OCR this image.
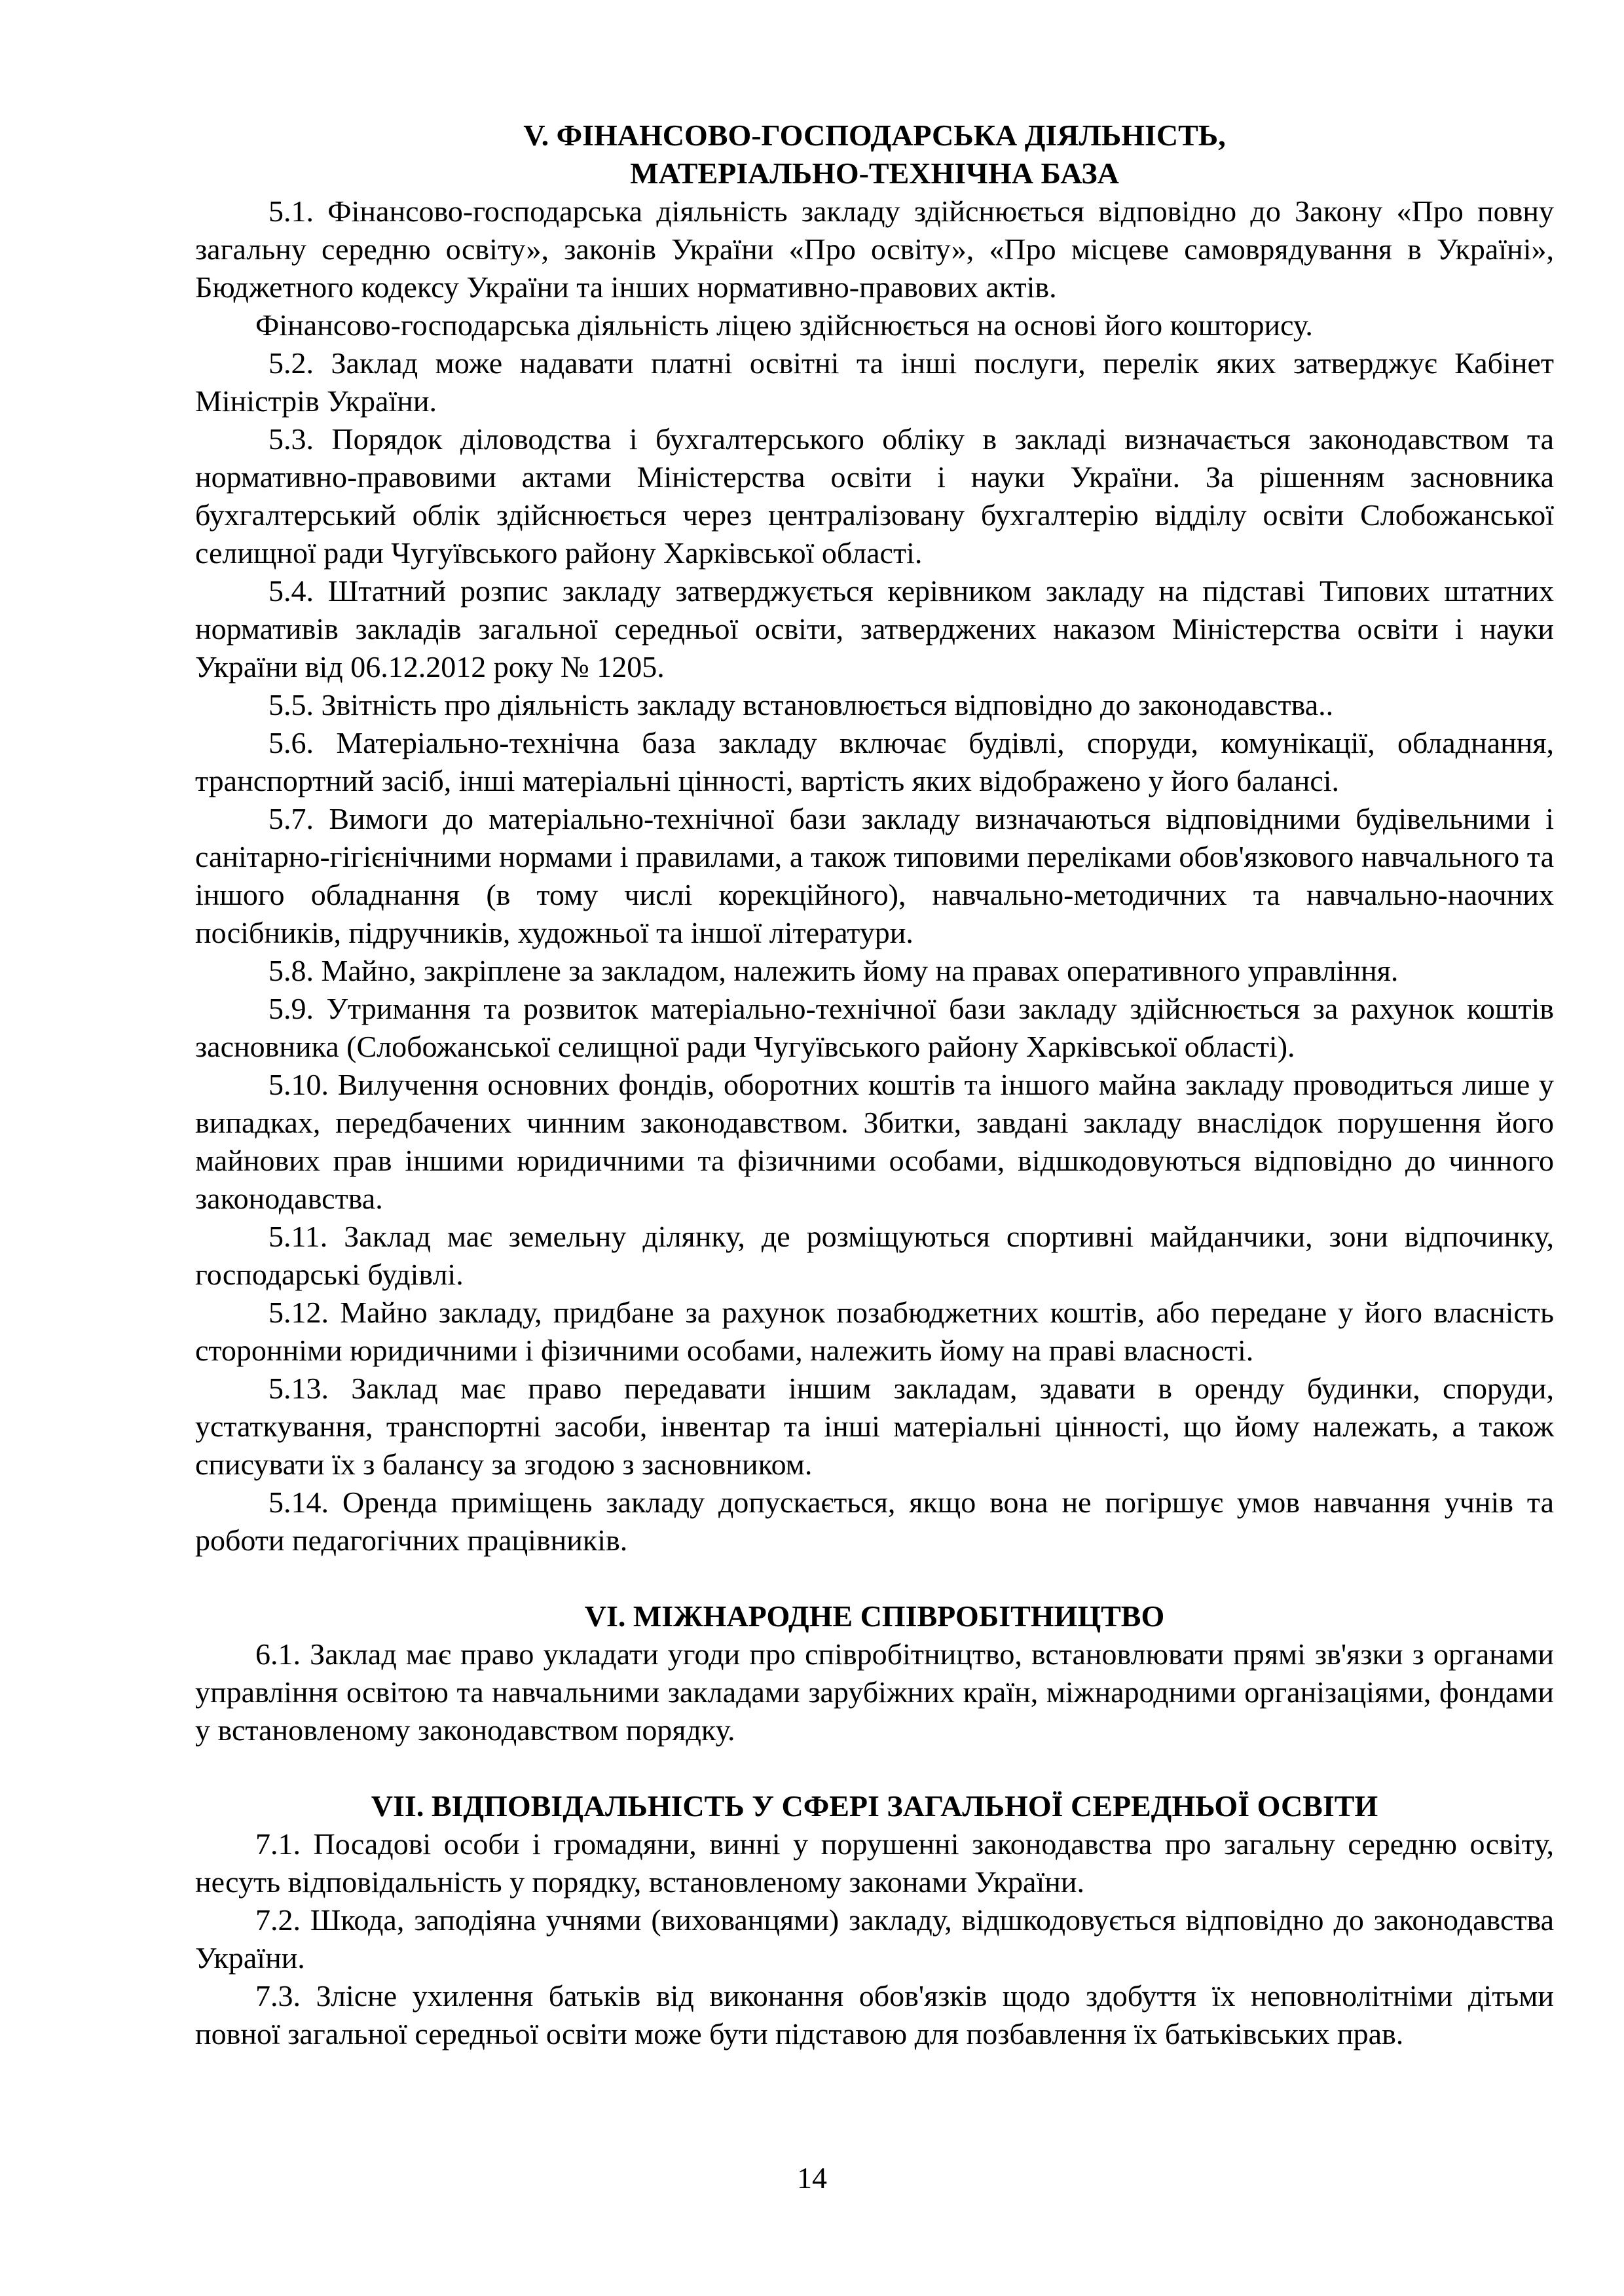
V. ФІНАНСОВО-ГОСПОДАРСЬКА ДІЯЛЬНІСТЬ,

МАТЕРІАЛЬНО-ТЕХНІЧНА БАЗА

5.1. Фінансово-господарська діяльність закладу здійснюється відповідно до Закону «Про повну загальну середню освіту», законів України «Про освіту», «Про місцеве самоврядування в Україні», Бюджетного кодексу України та інших нормативно-правових актів.

Фінансово-господарська діяльність ліцею здійснюється на основі його кошторису.

5.2. Заклад може надавати платні освітні та інші послуги, перелік яких затверджує Кабінет Міністрів України.

5.3. Порядок діловодства і бухгалтерського обліку в закладі визначається законодавством та нормативно-правовими актами Міністерства освіти і науки України. За рішенням засновника бухгалтерський облік здійснюється через централізовану бухгалтерію відділу освіти Слобожанської селищної ради Чугуївського району Харківської області.

5.4. Штатний розпис закладу затверджується керівником закладу на підставі Типових штатних нормативів закладів загальної середньої освіти, затверджених наказом Міністерства освіти і науки України від 06.12.2012 року № 1205.

5.5. Звітність про діяльність закладу встановлюється відповідно до законодавства..

5.6. Матеріально-технічна база закладу включає будівлі, споруди, комунікації, обладнання, транспортний засіб, інші матеріальні цінності, вартість яких відображено у його балансі.

5.7. Вимоги до матеріально-технічної бази закладу визначаються відповідними будівельними і санітарно-гігієнічними нормами і правилами, а також типовими переліками обов'язкового навчального та іншого обладнання (в тому числі корекційного), навчально-методичних та навчально-наочних посібників, підручників, художньої та іншої літератури.

5.8. Майно, закріплене за закладом, належить йому на правах оперативного управління.

5.9. Утримання та розвиток матеріально-технічної бази закладу здійснюється за рахунок коштів засновника (Слобожанської селищної ради Чугуївського району Харківської області).

5.10. Вилучення основних фондів, оборотних коштів та іншого майна закладу проводиться лише у випадках, передбачених чинним законодавством. Збитки, завдані закладу внаслідок порушення його майнових прав іншими юридичними та фізичними особами, відшкодовуються відповідно до чинного законодавства.

5.11. Заклад має земельну ділянку, де розміщуються спортивні майданчики, зони відпочинку, господарські будівлі.

5.12. Майно закладу, придбане за рахунок позабюджетних коштів, або передане у його власність сторонніми юридичними і фізичними особами, належить йому на праві власності.

5.13. Заклад має право передавати іншим закладам, здавати в оренду будинки, споруди, устаткування, транспортні засоби, інвентар та інші матеріальні цінності, що йому належать, а також списувати їх з балансу за згодою з засновником.

5.14. Оренда приміщень закладу допускається, якщо вона не погіршує умов навчання учнів та роботи педагогічних працівників.

VI. МІЖНАРОДНЕ СПІВРОБІТНИЦТВО

6.1. Заклад має право укладати угоди про співробітництво, встановлювати прямі зв'язки з органами управління освітою та навчальними закладами зарубіжних країн, міжнародними організаціями, фондами у встановленому законодавством порядку.

VII. ВІДПОВІДАЛЬНІСТЬ У СФЕРІ ЗАГАЛЬНОЇ СЕРЕДНЬОЇ ОСВІТИ

7.1. Посадові особи і громадяни, винні у порушенні законодавства про загальну середню освіту, несуть відповідальність у порядку, встановленому законами України.

7.2. Шкода, заподіяна учнями (вихованцями) закладу, відшкодовується відповідно до законодавства України.

7.3. Злісне ухилення батьків від виконання обов'язків щодо здобуття їх неповнолітніми дітьми повної загальної середньої освіти може бути підставою для позбавлення їх батьківських прав.

14
